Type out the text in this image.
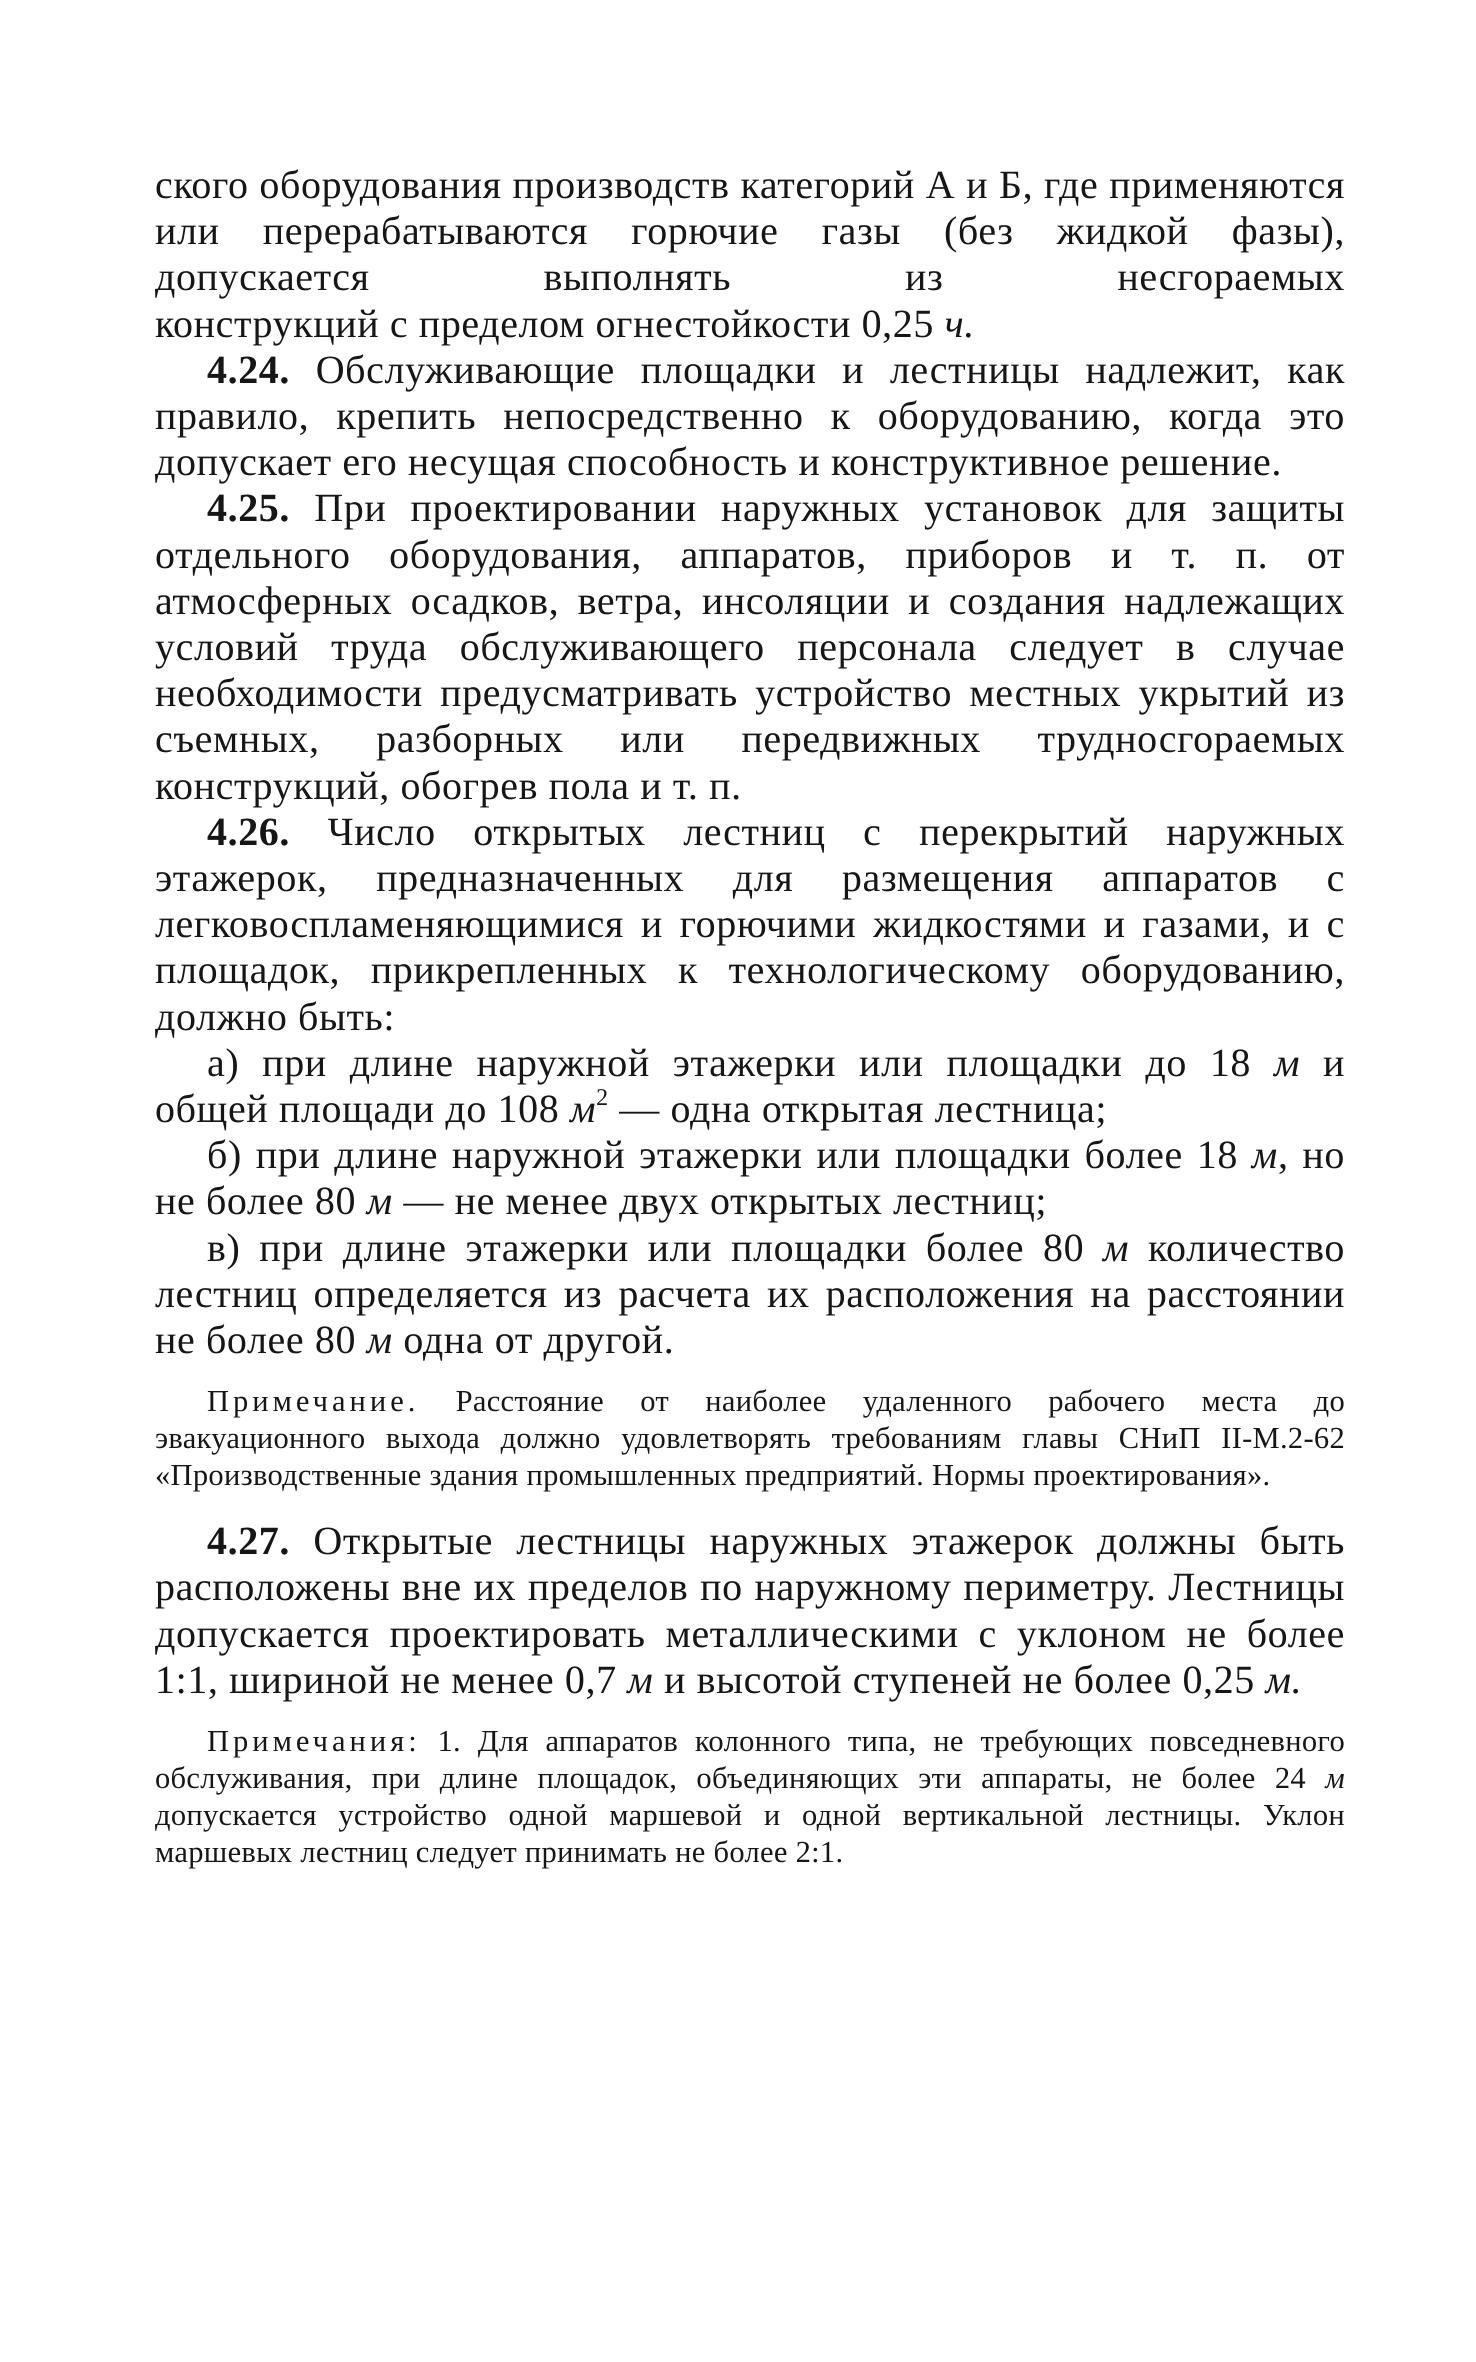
ского оборудования производств категорий А и Б, где применяются или перерабатываются горючие газы (без жидкой фазы), допускается выполнять из несгораемых

конструкций с пределом огнестойкости 0,25 ч.

4.24. Обслуживающие площадки и лестницы надлежит, как правило, крепить непосредственно к оборудованию, когда это допускает его несущая способность и конструктивное решение.

4.25. При проектировании наружных установок для защиты отдельного оборудования, аппаратов, приборов и т. п. от атмосферных осадков, ветра, инсоляции и создания надлежащих условий труда обслуживающего персонала следует в случае необходимости предусматривать устройство местных укрытий из съемных, разборных или передвижных трудносгораемых конструкций, обогрев пола и т. п.

4.26. Число открытых лестниц с перекрытий наружных этажерок, предназначенных для размещения аппаратов с легковоспламеняющимися и горючими жидкостями и газами, и с площадок, прикрепленных к технологическому оборудованию, должно быть:

а) при длине наружной этажерки или площадки до 18 м и общей площади до 108 $м^2$ — одна открытая лестница;

б) при длине наружной этажерки или площадки более 18 м, но не более 80 м — не менее двух открытых лестниц;

в) при длине этажерки или площадки более 80 м количество лестниц определяется из расчета их расположения на расстоянии не более 80 м одна от другой.

Примечание. Расстояние от наиболее удаленного рабочего места до эвакуационного выхода должно удовлетворять требованиям главы СНиП II-М.2-62 «Производственные здания промышленных предприятий. Нормы проектирования».

4.27. Открытые лестницы наружных этажерок должны быть расположены вне их пределов по наружному периметру. Лестницы допускается проектировать металлическими с уклоном не более 1:1, шириной не менее 0,7 м и высотой ступеней не более 0,25 м.

Примечания: 1. Для аппаратов колонного типа, не требующих повседневного обслуживания, при длине площадок, объединяющих эти аппараты, не более 24 м допускается устройство одной маршевой и одной вертикальной лестницы. Уклон маршевых лестниц следует принимать не более 2:1.
